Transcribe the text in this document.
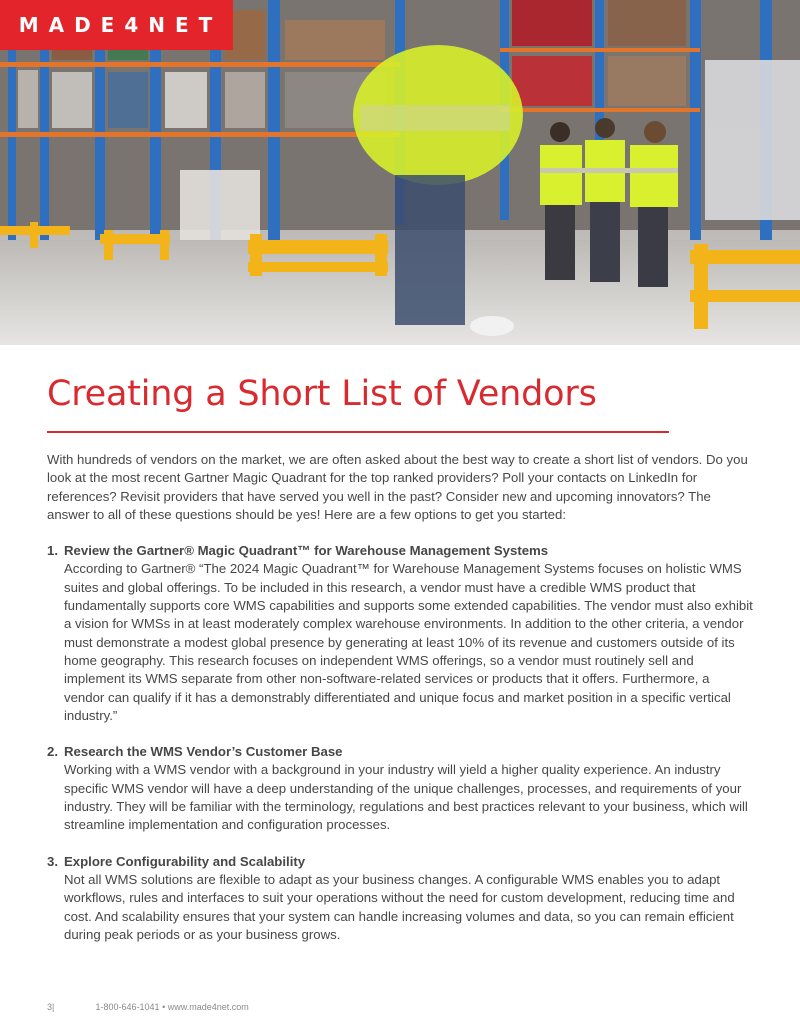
MADE4NET
Creating a Short List of Vendors

With hundreds of vendors on the market, we are often asked about the best way to create a short list of vendors. Do you look at the most recent Gartner Magic Quadrant for the top ranked providers? Poll your contacts on LinkedIn for references? Revisit providers that have served you well in the past? Consider new and upcoming innovators? The answer to all of these questions should be yes! Here are a few options to get you started:

1. Review the Gartner® Magic Quadrant™ for Warehouse Management Systems

According to Gartner® “The 2024 Magic Quadrant™ for Warehouse Management Systems focuses on holistic WMS suites and global offerings. To be included in this research, a vendor must have a credible WMS product that fundamentally supports core WMS capabilities and supports some extended capabilities. The vendor must also exhibit a vision for WMSs in at least moderately complex warehouse environments. In addition to the other criteria, a vendor must demonstrate a modest global presence by generating at least 10% of its revenue and customers outside of its home geography. This research focuses on independent WMS offerings, so a vendor must routinely sell and implement its WMS separate from other non-software-related services or products that it offers. Furthermore, a vendor can qualify if it has a demonstrably differentiated and unique focus and market position in a specific vertical industry.”

2. Research the WMS Vendor’s Customer Base

Working with a WMS vendor with a background in your industry will yield a higher quality experience. An industry specific WMS vendor will have a deep understanding of the unique challenges, processes, and requirements of your industry. They will be familiar with the terminology, regulations and best practices relevant to your business, which will streamline implementation and configuration processes.

3. Explore Configurability and Scalability

Not all WMS solutions are flexible to adapt as your business changes. A configurable WMS enables you to adapt workflows, rules and interfaces to suit your operations without the need for custom development, reducing time and cost. And scalability ensures that your system can handle increasing volumes and data, so you can remain efficient during peak periods or as your business grows.

3|	1-800-646-1041 • www.made4net.com
